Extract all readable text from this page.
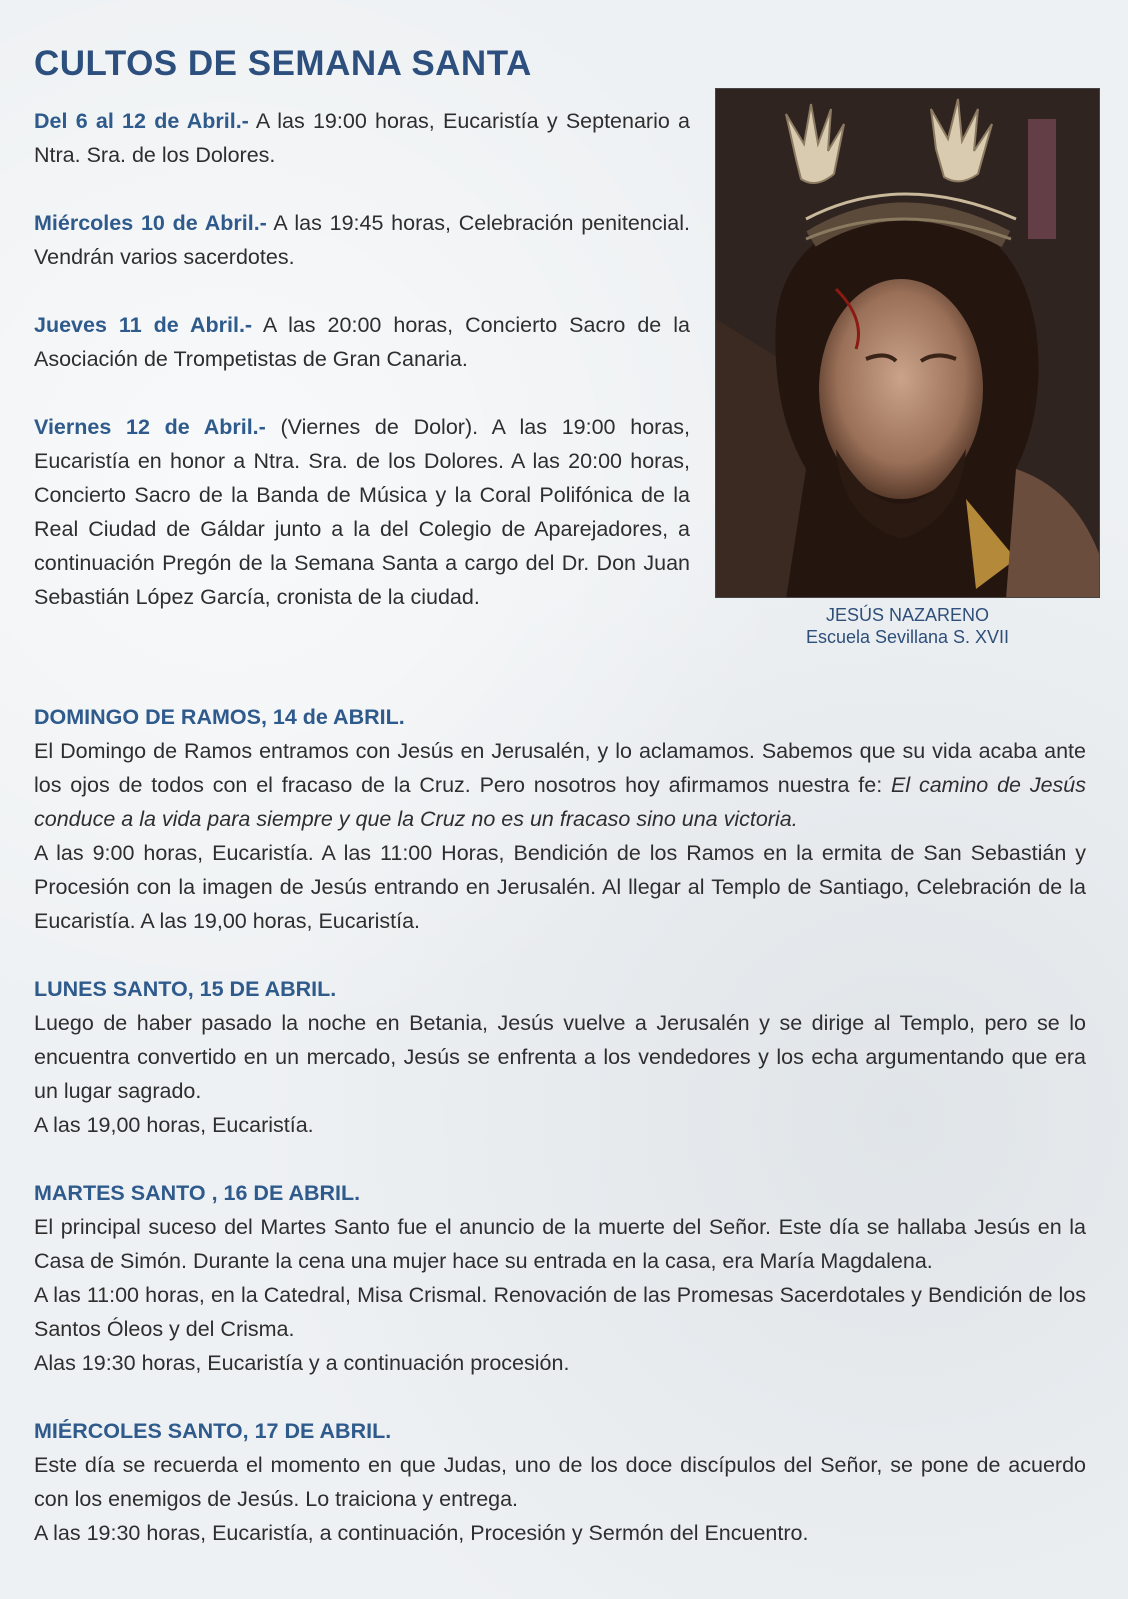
CULTOS DE SEMANA SANTA

Del 6 al 12 de Abril.- A las 19:00 horas, Eucaristía y Septenario a Ntra. Sra. de los Dolores.

Miércoles 10 de Abril.- A las 19:45 horas, Celebración penitencial. Vendrán varios sacerdotes.

Jueves 11 de Abril.- A las 20:00 horas, Concierto Sacro de la Asociación de Trompetistas de Gran Canaria.

Viernes 12 de Abril.- (Viernes de Dolor). A las 19:00 horas, Eucaristía en honor a Ntra. Sra. de los Dolores. A las 20:00 horas, Concierto Sacro de la Banda de Música y la Coral Polifónica de la Real Ciudad de Gáldar junto a la del Colegio de Aparejadores, a continuación Pregón de la Semana Santa a cargo del Dr. Don Juan Sebastián López García, cronista de la ciudad.

JESÚS NAZARENO
Escuela Sevillana S. XVII

DOMINGO DE RAMOS, 14 de ABRIL.

El Domingo de Ramos entramos con Jesús en Jerusalén, y lo aclamamos. Sabemos que su vida acaba ante los ojos de todos con el fracaso de la Cruz. Pero nosotros hoy afirmamos nuestra fe: El camino de Jesús conduce a la vida para siempre y que la Cruz no es un fracaso sino una victoria.

A las 9:00 horas, Eucaristía. A las 11:00 Horas, Bendición de los Ramos en la ermita de San Sebastián y Procesión con la imagen de Jesús entrando en Jerusalén. Al llegar al Templo de Santiago, Celebración de la Eucaristía. A las 19,00 horas, Eucaristía.

LUNES SANTO, 15 DE ABRIL.

Luego de haber pasado la noche en Betania, Jesús vuelve a Jerusalén y se dirige al Templo, pero se lo encuentra convertido en un mercado, Jesús se enfrenta a los vendedores y los echa argumentando que era un lugar sagrado.

A las 19,00 horas, Eucaristía.

MARTES SANTO , 16 DE ABRIL.

El principal suceso del Martes Santo fue el anuncio de la muerte del Señor. Este día se hallaba Jesús en la Casa de Simón. Durante la cena una mujer hace su entrada en la casa, era María Magdalena.

A las 11:00 horas, en la Catedral, Misa Crismal. Renovación de las Promesas Sacerdotales y Bendición de los Santos Óleos y del Crisma.

Alas 19:30 horas, Eucaristía y a continuación procesión.

MIÉRCOLES SANTO, 17 DE ABRIL.

Este día se recuerda el momento en que Judas, uno de los doce discípulos del Señor, se pone de acuerdo con los enemigos de Jesús. Lo traiciona y entrega.

A las 19:30 horas, Eucaristía, a continuación, Procesión y Sermón del Encuentro.
